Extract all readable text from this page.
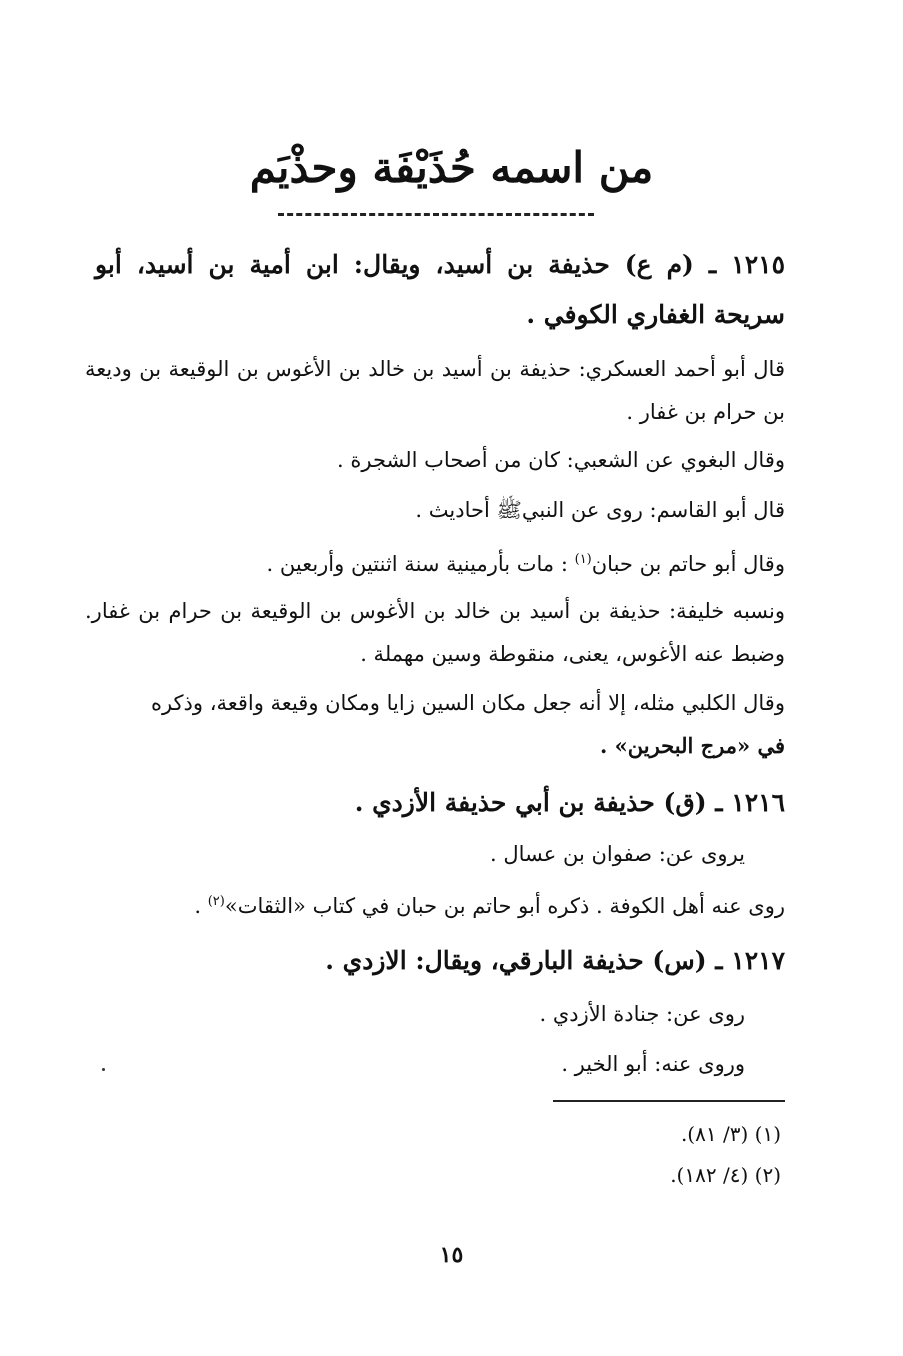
من اسمه حُذَيْفَة وحذْيَم
١٢١٥ ـ (م ع) حذيفة بن أسيد، ويقال: ابن أمية بن أسيد، أبو سريحة الغفاري الكوفي .
قال أبو أحمد العسكري: حذيفة بن أسيد بن خالد بن الأغوس بن الوقيعة بن وديعة بن حرام بن غفار .
وقال البغوي عن الشعبي: كان من أصحاب الشجرة .
قال أبو القاسم: روى عن النبيﷺ أحاديث .
وقال أبو حاتم بن حبان$^{(١)}$ : مات بأرمينية سنة اثنتين وأربعين .
ونسبه خليفة: حذيفة بن أسيد بن خالد بن الأغوس بن الوقيعة بن حرام بن غفار. وضبط عنه الأغوس، يعنى، منقوطة وسين مهملة .
وقال الكلبي مثله، إلا أنه جعل مكان السين زايا ومكان وقيعة واقعة، وذكره
في «مرج البحرين» .
١٢١٦ ـ (ق) حذيفة بن أبي حذيفة الأزدي .
يروى عن: صفوان بن عسال .
روى عنه أهل الكوفة . ذكره أبو حاتم بن حبان في كتاب «الثقات»$^{(٢)}$ .
١٢١٧ ـ (س) حذيفة البارقي، ويقال: الازدي .
روى عن: جنادة الأزدي .
وروى عنه: أبو الخير .
(١) (٣/ ٨١).
(٢) (٤/ ١٨٢).
١٥
